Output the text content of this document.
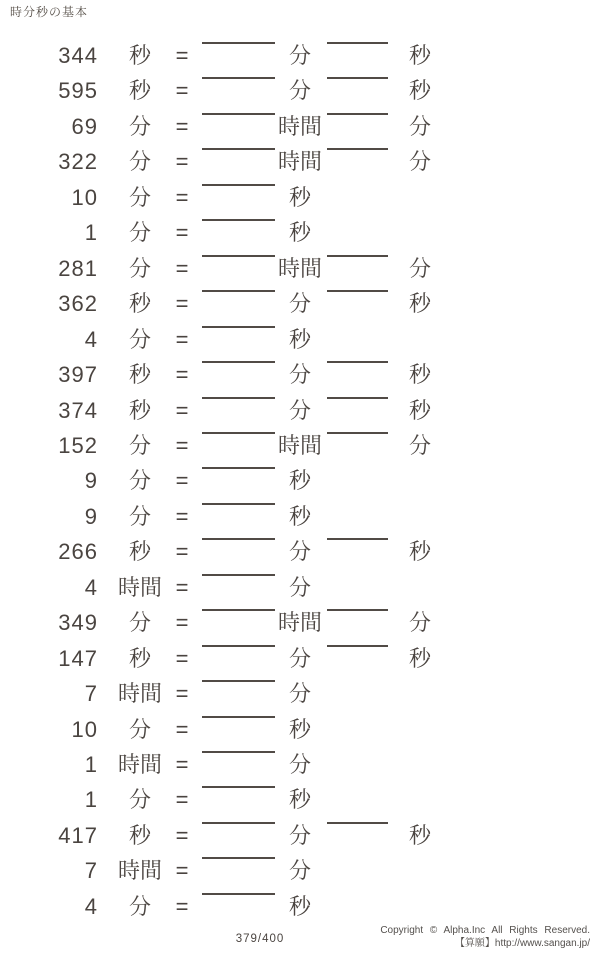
時分秒の基本
344	秒	=	分	秒
595	秒	=	分	秒
69	分	=	時間	分
322	分	=	時間	分
10	分	=	秒
1	分	=	秒
281	分	=	時間	分
362	秒	=	分	秒
4	分	=	秒
397	秒	=	分	秒
374	秒	=	分	秒
152	分	=	時間	分
9	分	=	秒
9	分	=	秒
266	秒	=	分	秒
4 時間 =	分
349	分	=	時間	分
147	秒	=	分	秒
7 時間 =	分
10	分	=	秒
1 時間 =	分
1	分	=	秒
417	秒	=	分	秒
7 時間 =	分
4	分	=	秒
379/400
Copyright © Alpha.Inc All Rights Reserved.
【算願】http://www.sangan.jp/
